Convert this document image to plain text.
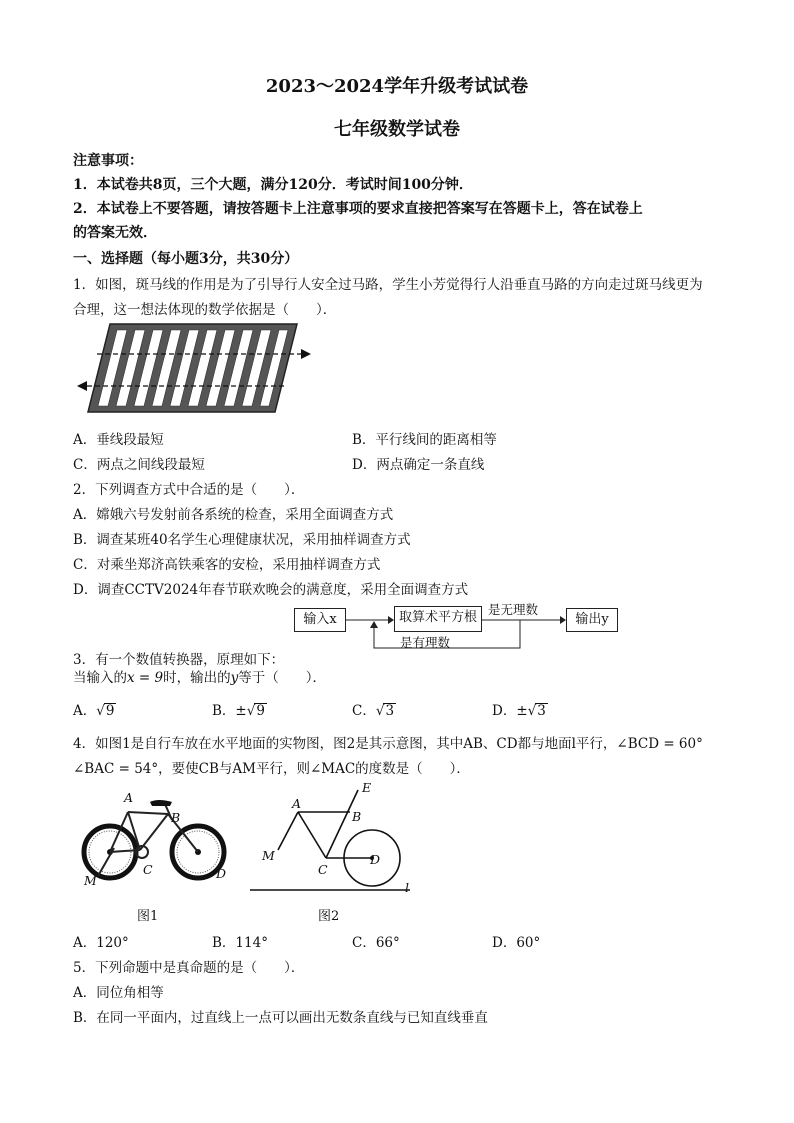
2023～2024学年升级考试试卷
七年级数学试卷
注意事项：
1．本试卷共8页，三个大题，满分120分．考试时间100分钟．
2．本试卷上不要答题，请按答题卡上注意事项的要求直接把答案写在答题卡上，答在试卷上
的答案无效．
一、选择题（每小题3分，共30分）
1．如图，斑马线的作用是为了引导行人安全过马路，学生小芳觉得行人沿垂直马路的方向走过斑马线更为
合理，这一想法体现的数学依据是（　　）．
A．垂线段最短	B．平行线间的距离相等
C．两点之间线段最短	D．两点确定一条直线
2．下列调查方式中合适的是（　　）．
A．嫦娥六号发射前各系统的检查，采用全面调查方式
B．调查某班40名学生心理健康状况，采用抽样调查方式
C．对乘坐郑济高铁乘客的安检，采用抽样调查方式
D．调查CCTV2024年春节联欢晚会的满意度，采用全面调查方式
输入x	取算术平方根
是无理数
输出y
是有理数
3．有一个数值转换器，原理如下：
当输入的x = 9时，输出的y等于（　　）．
A．√9	B．±√9	C．√3	D．±√3
4．如图1是自行车放在水平地面的实物图，图2是其示意图，其中AB、CD都与地面l平行，∠BCD = 60°
∠BAC = 54°，要使CB与AM平行，则∠MAC的度数是（　　）．
A
B
C	D
M
A
E
B
M
C
D
l
图1	图2
A．120°	B．114°	C．66°	D．60°
5．下列命题中是真命题的是（　　）．
A．同位角相等
B．在同一平面内，过直线上一点可以画出无数条直线与已知直线垂直
